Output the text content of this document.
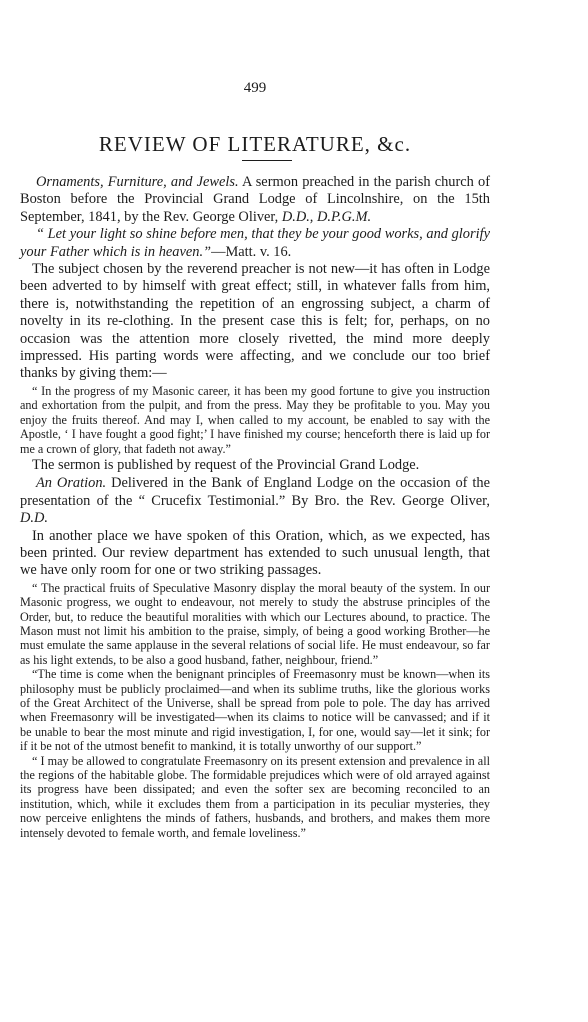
499
REVIEW OF LITERATURE, &c.

Ornaments, Furniture, and Jewels. A sermon preached in the parish church of Boston before the Provincial Grand Lodge of Lincolnshire, on the 15th September, 1841, by the Rev. George Oliver, D.D., D.P.G.M.

“ Let your light so shine before men, that they be your good works, and glorify your Father which is in heaven.”—Matt. v. 16.

The subject chosen by the reverend preacher is not new—it has often in Lodge been adverted to by himself with great effect; still, in whatever falls from him, there is, notwithstanding the repetition of an engrossing subject, a charm of novelty in its re-clothing. In the present case this is felt; for, perhaps, on no occasion was the attention more closely rivetted, the mind more deeply impressed. His parting words were affecting, and we conclude our too brief thanks by giving them:—

“ In the progress of my Masonic career, it has been my good fortune to give you instruction and exhortation from the pulpit, and from the press. May they be profitable to you. May you enjoy the fruits thereof. And may I, when called to my account, be enabled to say with the Apostle, ‘ I have fought a good fight;’ I have finished my course; henceforth there is laid up for me a crown of glory, that fadeth not away.”

The sermon is published by request of the Provincial Grand Lodge.

An Oration. Delivered in the Bank of England Lodge on the occasion of the presentation of the “ Crucefix Testimonial.” By Bro. the Rev. George Oliver, D.D.

In another place we have spoken of this Oration, which, as we expected, has been printed. Our review department has extended to such unusual length, that we have only room for one or two striking passages.

“ The practical fruits of Speculative Masonry display the moral beauty of the system. In our Masonic progress, we ought to endeavour, not merely to study the abstruse principles of the Order, but, to reduce the beautiful moralities with which our Lectures abound, to practice. The Mason must not limit his ambition to the praise, simply, of being a good working Brother—he must emulate the same applause in the several relations of social life. He must endeavour, so far as his light extends, to be also a good husband, father, neighbour, friend.”

“The time is come when the benignant principles of Freemasonry must be known—when its philosophy must be publicly proclaimed—and when its sublime truths, like the glorious works of the Great Architect of the Universe, shall be spread from pole to pole. The day has arrived when Freemasonry will be investigated—when its claims to notice will be canvassed; and if it be unable to bear the most minute and rigid investigation, I, for one, would say—let it sink; for if it be not of the utmost benefit to mankind, it is totally unworthy of our support.”

“ I may be allowed to congratulate Freemasonry on its present extension and prevalence in all the regions of the habitable globe. The formidable prejudices which were of old arrayed against its progress have been dissipated; and even the softer sex are becoming reconciled to an institution, which, while it excludes them from a participation in its peculiar mysteries, they now perceive enlightens the minds of fathers, husbands, and brothers, and makes them more intensely devoted to female worth, and female loveliness.”
